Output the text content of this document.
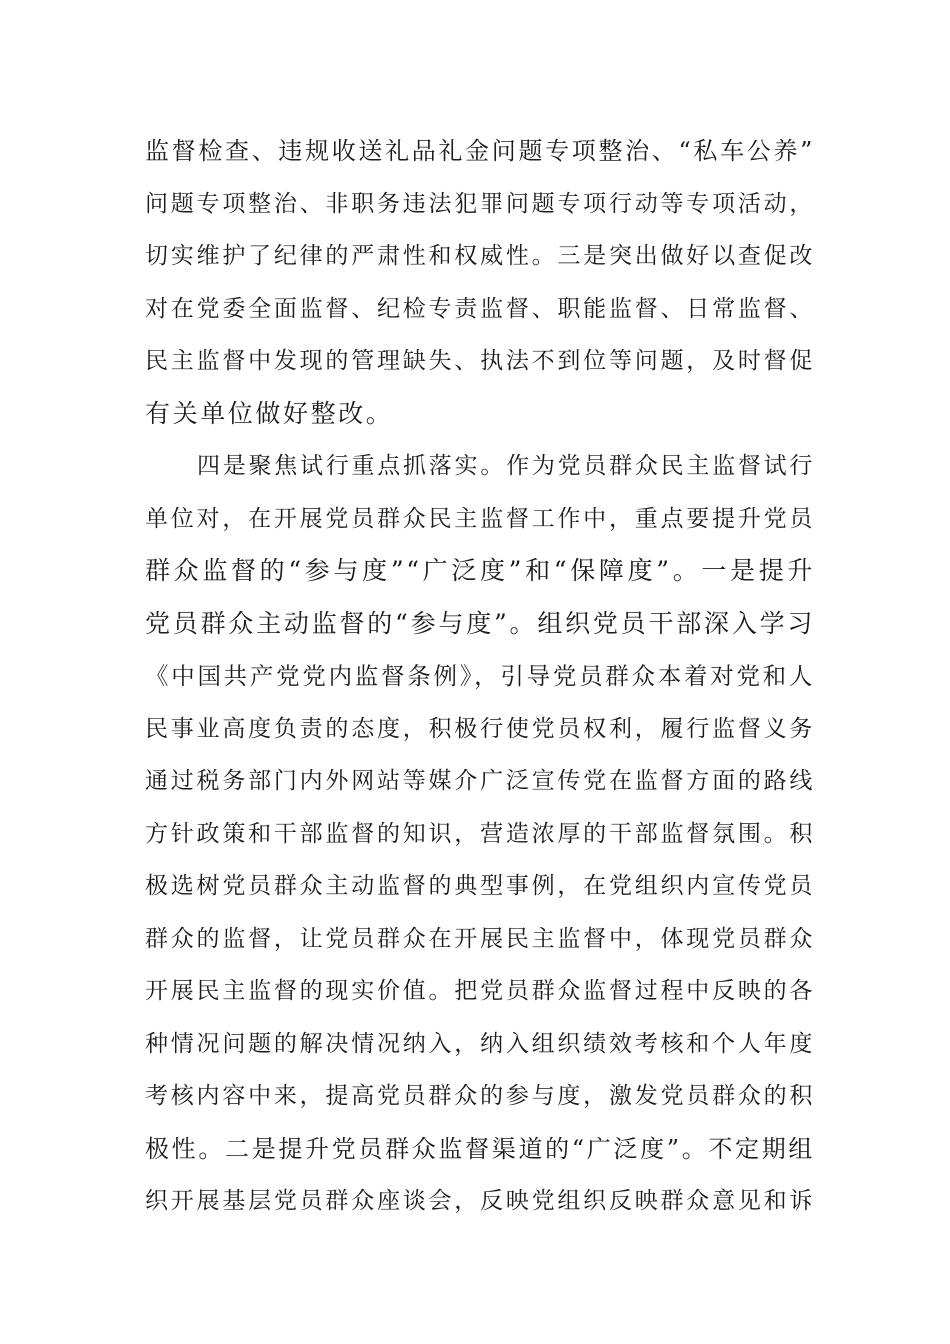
监督检查、违规收送礼品礼金问题专项整治、“私车公养”
问题专项整治、非职务违法犯罪问题专项行动等专项活动，
切实维护了纪律的严肃性和权威性。三是突出做好以查促改
对在党委全面监督、纪检专责监督、职能监督、日常监督、
民主监督中发现的管理缺失、执法不到位等问题，及时督促
有关单位做好整改。
四是聚焦试行重点抓落实。作为党员群众民主监督试行
单位对，在开展党员群众民主监督工作中，重点要提升党员
群众监督的“参与度”“广泛度”和“保障度”。一是提升
党员群众主动监督的“参与度”。组织党员干部深入学习
《中国共产党党内监督条例》，引导党员群众本着对党和人
民事业高度负责的态度，积极行使党员权利，履行监督义务
通过税务部门内外网站等媒介广泛宣传党在监督方面的路线
方针政策和干部监督的知识，营造浓厚的干部监督氛围。积
极选树党员群众主动监督的典型事例，在党组织内宣传党员
群众的监督，让党员群众在开展民主监督中，体现党员群众
开展民主监督的现实价值。把党员群众监督过程中反映的各
种情况问题的解决情况纳入，纳入组织绩效考核和个人年度
考核内容中来，提高党员群众的参与度，激发党员群众的积
极性。二是提升党员群众监督渠道的“广泛度”。不定期组
织开展基层党员群众座谈会，反映党组织反映群众意见和诉
